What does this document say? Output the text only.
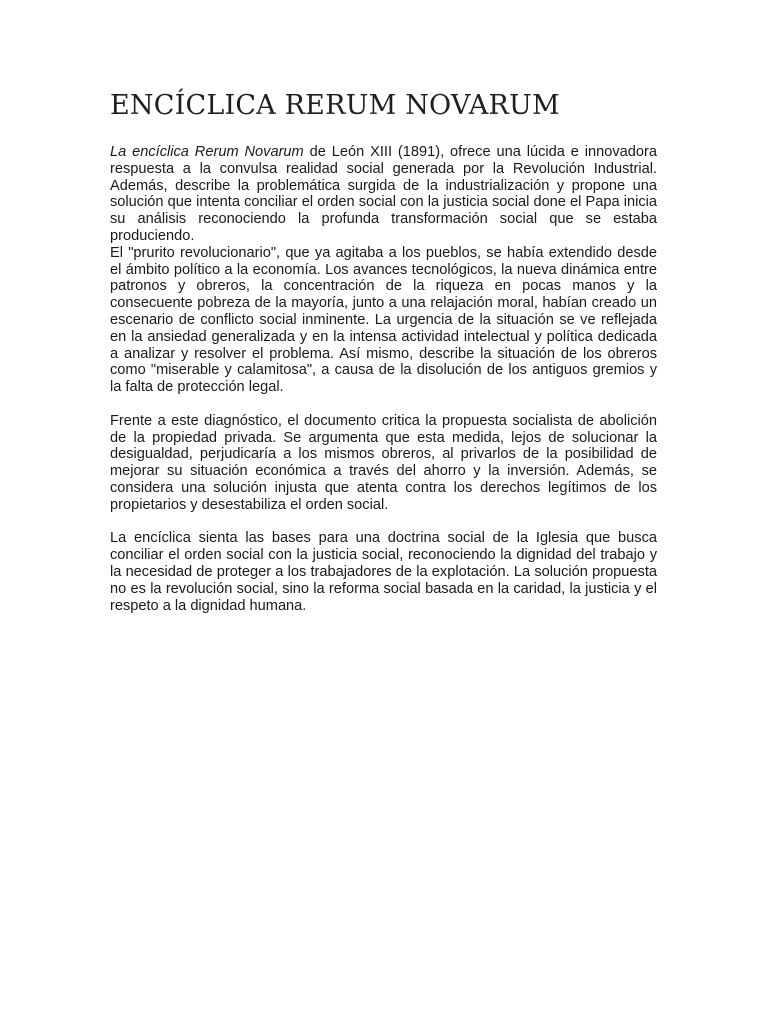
ENCÍCLICA RERUM NOVARUM

La encíclica Rerum Novarum de León XIII (1891), ofrece una lúcida e innovadora respuesta a la convulsa realidad social generada por la Revolución Industrial. Además, describe la problemática surgida de la industrialización y propone una solución que intenta conciliar el orden social con la justicia social done el Papa inicia su análisis reconociendo la profunda transformación social que se estaba produciendo.

El "prurito revolucionario", que ya agitaba a los pueblos, se había extendido desde el ámbito político a la economía. Los avances tecnológicos, la nueva dinámica entre patronos y obreros, la concentración de la riqueza en pocas manos y la consecuente pobreza de la mayoría, junto a una relajación moral, habían creado un escenario de conflicto social inminente. La urgencia de la situación se ve reflejada en la ansiedad generalizada y en la intensa actividad intelectual y política dedicada a analizar y resolver el problema. Así mismo, describe la situación de los obreros como "miserable y calamitosa", a causa de la disolución de los antiguos gremios y la falta de protección legal.

Frente a este diagnóstico, el documento critica la propuesta socialista de abolición de la propiedad privada. Se argumenta que esta medida, lejos de solucionar la desigualdad, perjudicaría a los mismos obreros, al privarlos de la posibilidad de mejorar su situación económica a través del ahorro y la inversión. Además, se considera una solución injusta que atenta contra los derechos legítimos de los propietarios y desestabiliza el orden social.

La encíclica sienta las bases para una doctrina social de la Iglesia que busca conciliar el orden social con la justicia social, reconociendo la dignidad del trabajo y la necesidad de proteger a los trabajadores de la explotación. La solución propuesta no es la revolución social, sino la reforma social basada en la caridad, la justicia y el respeto a la dignidad humana.
